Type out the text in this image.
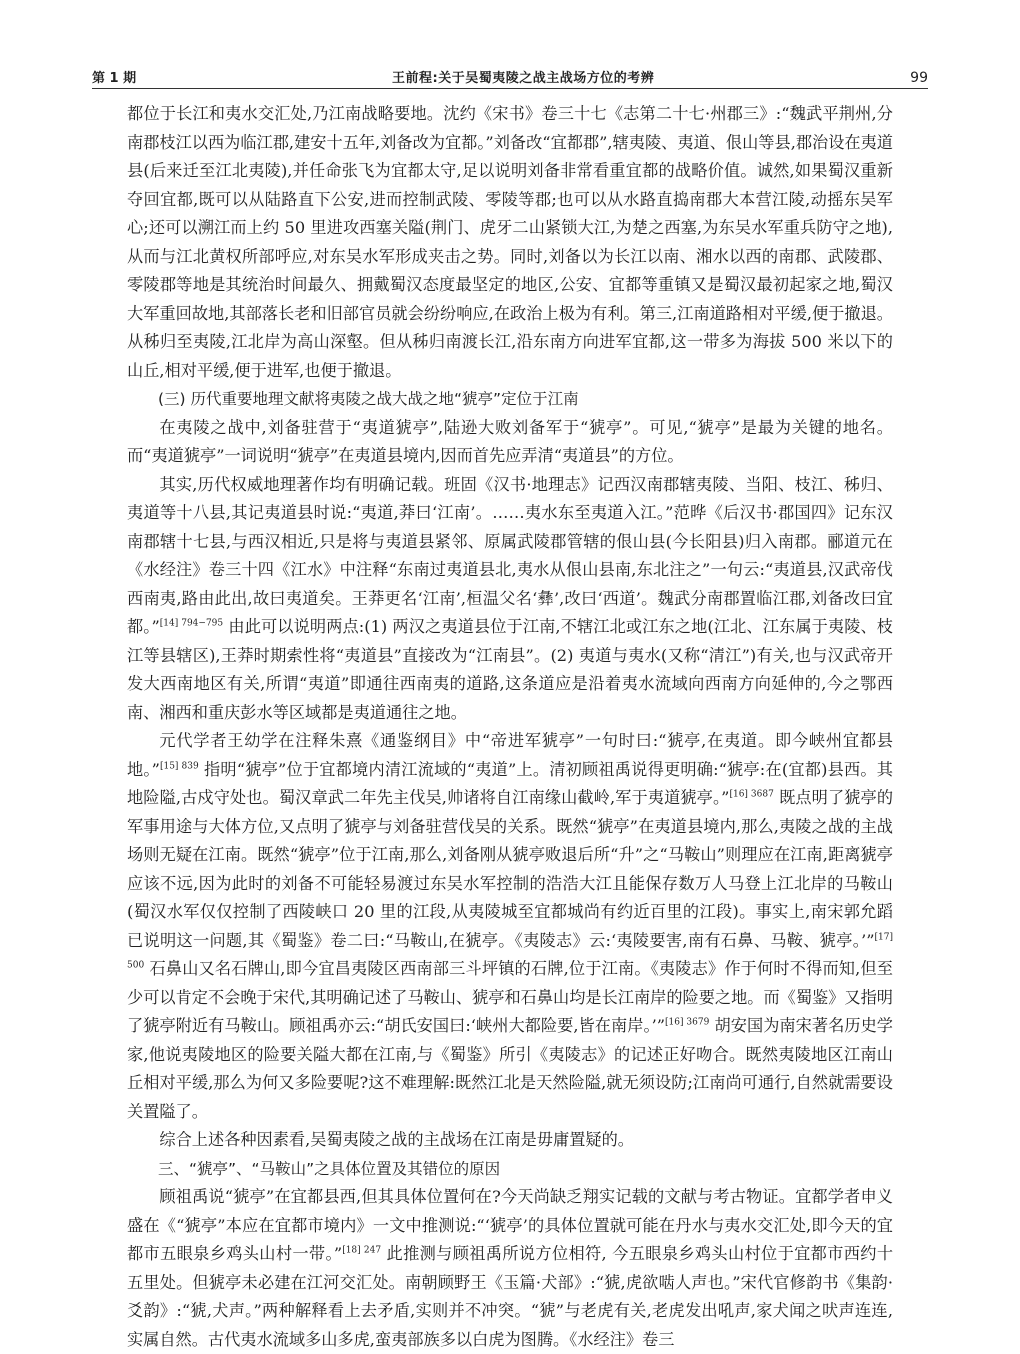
第 1 期	王前程:关于吴蜀夷陵之战主战场方位的考辨	99

都位于长江和夷水交汇处,乃江南战略要地。沈约《宋书》卷三十七《志第二十七·州郡三》:“魏武平荆州,分南郡枝江以西为临江郡,建安十五年,刘备改为宜都。”刘备改“宜都郡”,辖夷陵、夷道、佷山等县,郡治设在夷道县(后来迁至江北夷陵),并任命张飞为宜都太守,足以说明刘备非常看重宜都的战略价值。诚然,如果蜀汉重新夺回宜都,既可以从陆路直下公安,进而控制武陵、零陵等郡;也可以从水路直捣南郡大本营江陵,动摇东吴军心;还可以溯江而上约 50 里进攻西塞关隘(荆门、虎牙二山紧锁大江,为楚之西塞,为东吴水军重兵防守之地),从而与江北黄权所部呼应,对东吴水军形成夹击之势。同时,刘备以为长江以南、湘水以西的南郡、武陵郡、零陵郡等地是其统治时间最久、拥戴蜀汉态度最坚定的地区,公安、宜都等重镇又是蜀汉最初起家之地,蜀汉大军重回故地,其部落长老和旧部官员就会纷纷响应,在政治上极为有利。第三,江南道路相对平缓,便于撤退。从秭归至夷陵,江北岸为高山深壑。但从秭归南渡长江,沿东南方向进军宜都,这一带多为海拔 500 米以下的山丘,相对平缓,便于进军,也便于撤退。

(三) 历代重要地理文献将夷陵之战大战之地“猇亭”定位于江南

在夷陵之战中,刘备驻营于“夷道猇亭”,陆逊大败刘备军于“猇亭”。可见,“猇亭”是最为关键的地名。而“夷道猇亭”一词说明“猇亭”在夷道县境内,因而首先应弄清“夷道县”的方位。

其实,历代权威地理著作均有明确记载。班固《汉书·地理志》记西汉南郡辖夷陵、当阳、枝江、秭归、夷道等十八县,其记夷道县时说:“夷道,莽曰‘江南’。……夷水东至夷道入江。”范晔《后汉书·郡国四》记东汉南郡辖十七县,与西汉相近,只是将与夷道县紧邻、原属武陵郡管辖的佷山县(今长阳县)归入南郡。郦道元在《水经注》卷三十四《江水》中注释“东南过夷道县北,夷水从佷山县南,东北注之”一句云:“夷道县,汉武帝伐西南夷,路由此出,故曰夷道矣。王莽更名‘江南’,桓温父名‘彝’,改曰‘西道’。魏武分南郡置临江郡,刘备改曰宜都。”$^{[14] 794-795}$ 由此可以说明两点:(1) 两汉之夷道县位于江南,不辖江北或江东之地(江北、江东属于夷陵、枝江等县辖区),王莽时期索性将“夷道县”直接改为“江南县”。(2) 夷道与夷水(又称“清江”)有关,也与汉武帝开发大西南地区有关,所谓“夷道”即通往西南夷的道路,这条道应是沿着夷水流域向西南方向延伸的,今之鄂西南、湘西和重庆彭水等区域都是夷道通往之地。

元代学者王幼学在注释朱熹《通鉴纲目》中“帝进军猇亭”一句时曰:“猇亭,在夷道。即今峡州宜都县地。”$^{[15] 839}$ 指明“猇亭”位于宜都境内清江流域的“夷道”上。清初顾祖禹说得更明确:“猇亭:在(宜都)县西。其地险隘,古戍守处也。蜀汉章武二年先主伐吴,帅诸将自江南缘山截岭,军于夷道猇亭。”$^{[16] 3687}$ 既点明了猇亭的军事用途与大体方位,又点明了猇亭与刘备驻营伐吴的关系。既然“猇亭”在夷道县境内,那么,夷陵之战的主战场则无疑在江南。既然“猇亭”位于江南,那么,刘备刚从猇亭败退后所“升”之“马鞍山”则理应在江南,距离猇亭应该不远,因为此时的刘备不可能轻易渡过东吴水军控制的浩浩大江且能保存数万人马登上江北岸的马鞍山(蜀汉水军仅仅控制了西陵峡口 20 里的江段,从夷陵城至宜都城尚有约近百里的江段)。事实上,南宋郭允蹈已说明这一问题,其《蜀鉴》卷二曰:“马鞍山,在猇亭。《夷陵志》云:‘夷陵要害,南有石鼻、马鞍、猇亭。’”$^{[17] 500}$ 石鼻山又名石牌山,即今宜昌夷陵区西南部三斗坪镇的石牌,位于江南。《夷陵志》作于何时不得而知,但至少可以肯定不会晚于宋代,其明确记述了马鞍山、猇亭和石鼻山均是长江南岸的险要之地。而《蜀鉴》又指明了猇亭附近有马鞍山。顾祖禹亦云:“胡氏安国曰:‘峡州大都险要,皆在南岸。’”$^{[16] 3679}$ 胡安国为南宋著名历史学家,他说夷陵地区的险要关隘大都在江南,与《蜀鉴》所引《夷陵志》的记述正好吻合。既然夷陵地区江南山丘相对平缓,那么为何又多险要呢?这不难理解:既然江北是天然险隘,就无须设防;江南尚可通行,自然就需要设关置隘了。

综合上述各种因素看,吴蜀夷陵之战的主战场在江南是毋庸置疑的。

三、“猇亭”、“马鞍山”之具体位置及其错位的原因

顾祖禹说“猇亭”在宜都县西,但其具体位置何在?今天尚缺乏翔实记载的文献与考古物证。宜都学者申义盛在《“猇亭”本应在宜都市境内》一文中推测说:“‘猇亭’的具体位置就可能在丹水与夷水交汇处,即今天的宜都市五眼泉乡鸡头山村一带。”$^{[18] 247}$ 此推测与顾祖禹所说方位相符, 今五眼泉乡鸡头山村位于宜都市西约十五里处。但猇亭未必建在江河交汇处。南朝顾野王《玉篇·犬部》:“猇,虎欲啮人声也。”宋代官修韵书《集韵·爻韵》:“猇,犬声。”两种解释看上去矛盾,实则并不冲突。“猇”与老虎有关,老虎发出吼声,家犬闻之吠声连连,实属自然。古代夷水流域多山多虎,蛮夷部族多以白虎为图腾。《水经注》卷三
